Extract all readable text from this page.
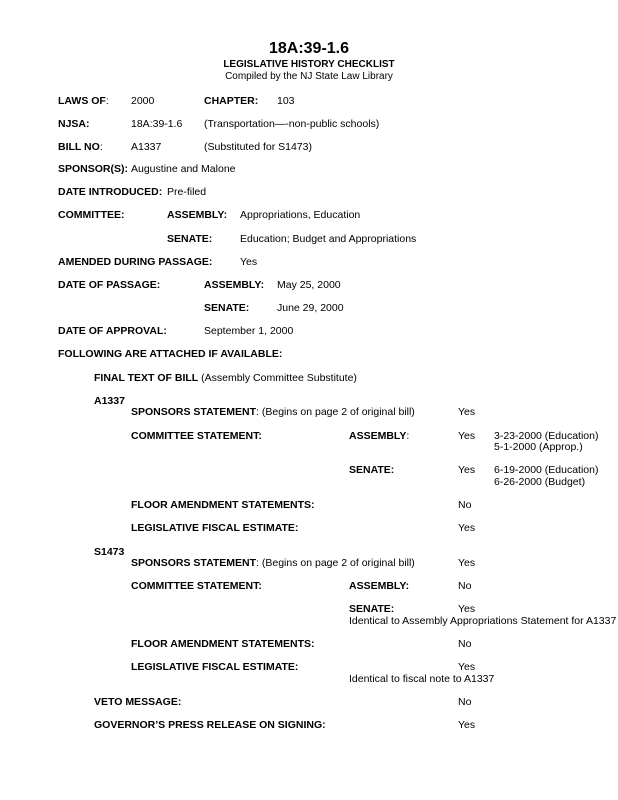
18A:39-1.6
LEGISLATIVE HISTORY CHECKLIST
Compiled by the NJ State Law Library
LAWS OF: 2000	CHAPTER: 103
NJSA:	18A:39-1.6 (Transportation—-non-public schools)
BILL NO:	A1337	(Substituted for S1473)
SPONSOR(S): Augustine and Malone
DATE INTRODUCED: Pre-filed
COMMITTEE:	ASSEMBLY: Appropriations, Education
SENATE:	Education; Budget and Appropriations
AMENDED DURING PASSAGE:	Yes
DATE OF PASSAGE:	ASSEMBLY: May 25, 2000
SENATE:	June 29, 2000
DATE OF APPROVAL:	September 1, 2000
FOLLOWING ARE ATTACHED IF AVAILABLE:
FINAL TEXT OF BILL (Assembly Committee Substitute)
A1337
SPONSORS STATEMENT: (Begins on page 2 of original bill)	Yes
COMMITTEE STATEMENT:	ASSEMBLY:	Yes 3-23-2000 (Education)
5-1-2000 (Approp.)
SENATE:	Yes 6-19-2000 (Education)
6-26-2000 (Budget)
FLOOR AMENDMENT STATEMENTS:	No
LEGISLATIVE FISCAL ESTIMATE:	Yes
S1473
SPONSORS STATEMENT: (Begins on page 2 of original bill)	Yes
COMMITTEE STATEMENT:	ASSEMBLY:	No
SENATE:	Yes
Identical to Assembly Appropriations Statement for A1337
FLOOR AMENDMENT STATEMENTS:	No
LEGISLATIVE FISCAL ESTIMATE:	Yes
Identical to fiscal note to A1337
VETO MESSAGE:	No
GOVERNOR’S PRESS RELEASE ON SIGNING:	Yes
